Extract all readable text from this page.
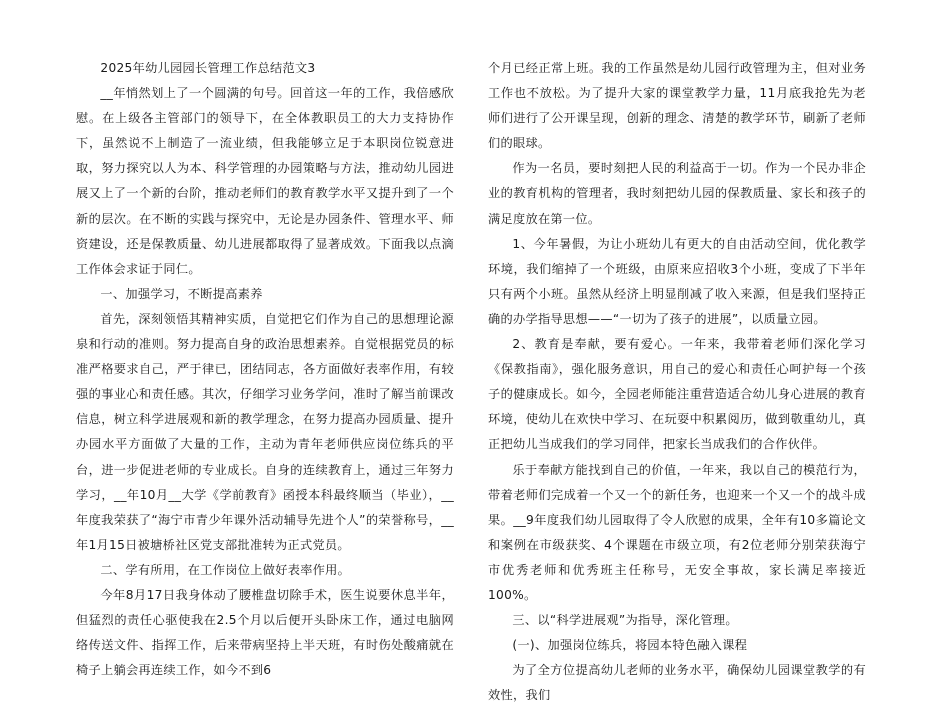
2025年幼儿园园长管理工作总结范文3

__年悄然划上了一个圆满的句号。回首这一年的工作，我倍感欣慰。在上级各主管部门的领导下，在全体教职员工的大力支持协作下，虽然说不上制造了一流业绩，但我能够立足于本职岗位锐意进取，努力探究以人为本、科学管理的办园策略与方法，推动幼儿园进展又上了一个新的台阶，推动老师们的教育教学水平又提升到了一个新的层次。在不断的实践与探究中，无论是办园条件、管理水平、师资建设，还是保教质量、幼儿进展都取得了显著成效。下面我以点滴工作体会求证于同仁。

一、加强学习，不断提高素养

首先，深刻领悟其精神实质，自觉把它们作为自己的思想理论源泉和行动的准则。努力提高自身的政治思想素养。自觉根据党员的标准严格要求自己，严于律已，团结同志，各方面做好表率作用，有较强的事业心和责任感。其次，仔细学习业务学问，准时了解当前课改信息，树立科学进展观和新的教学理念，在努力提高办园质量、提升办园水平方面做了大量的工作，主动为青年老师供应岗位练兵的平台，进一步促进老师的专业成长。自身的连续教育上，通过三年努力学习，__年10月__大学《学前教育》函授本科最终顺当（毕业），__年度我荣获了“海宁市青少年课外活动辅导先进个人”的荣誉称号，__年1月15日被塘桥社区党支部批准转为正式党员。

二、学有所用，在工作岗位上做好表率作用。

今年8月17日我身体动了腰椎盘切除手术，医生说要休息半年，但猛烈的责任心驱使我在2.5个月以后便开头卧床工作，通过电脑网络传送文件、指挥工作，后来带病坚持上半天班，有时伤处酸痛就在椅子上躺会再连续工作，如今不到6

个月已经正常上班。我的工作虽然是幼儿园行政管理为主，但对业务工作也不放松。为了提升大家的课堂教学力量，11月底我抢先为老师们进行了公开课呈现，创新的理念、清楚的教学环节，刷新了老师们的眼球。

作为一名员，要时刻把人民的利益高于一切。作为一个民办非企业的教育机构的管理者，我时刻把幼儿园的保教质量、家长和孩子的满足度放在第一位。

1、今年暑假，为让小班幼儿有更大的自由活动空间，优化教学环境，我们缩掉了一个班级，由原来应招收3个小班，变成了下半年只有两个小班。虽然从经济上明显削减了收入来源，但是我们坚持正确的办学指导思想——“一切为了孩子的进展”，以质量立园。

2、教育是奉献，要有爱心。一年来，我带着老师们深化学习《保教指南》，强化服务意识，用自己的爱心和责任心呵护每一个孩子的健康成长。如今，全园老师能注重营造适合幼儿身心进展的教育环境，使幼儿在欢快中学习、在玩耍中积累阅历，做到敬重幼儿，真正把幼儿当成我们的学习同伴，把家长当成我们的合作伙伴。

乐于奉献方能找到自己的价值，一年来，我以自己的模范行为，带着老师们完成着一个又一个的新任务，也迎来一个又一个的战斗成果。__9年度我们幼儿园取得了令人欣慰的成果，全年有10多篇论文和案例在市级获奖、4个课题在市级立项，有2位老师分别荣获海宁市优秀老师和优秀班主任称号，无安全事故，家长满足率接近100%。

三、以“科学进展观”为指导，深化管理。

(一)、加强岗位练兵，将园本特色融入课程

为了全方位提高幼儿老师的业务水平，确保幼儿园课堂教学的有效性，我们
